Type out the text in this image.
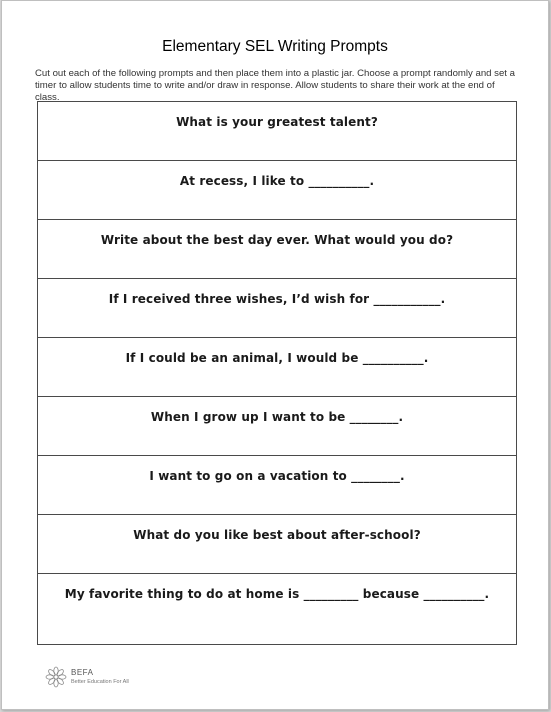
Elementary SEL Writing Prompts
Cut out each of the following prompts and then place them into a plastic jar. Choose a prompt randomly and set a timer to allow students time to write and/or draw in response. Allow students to share their work at the end of class.
What is your greatest talent?
At recess, I like to __________.
Write about the best day ever. What would you do?
If I received three wishes, I’d wish for ___________.
If I could be an animal, I would be __________.
When I grow up I want to be ________.
I want to go on a vacation to ________.
What do you like best about after-school?
My favorite thing to do at home is _________ because __________.
BEFA
Better Education For All
